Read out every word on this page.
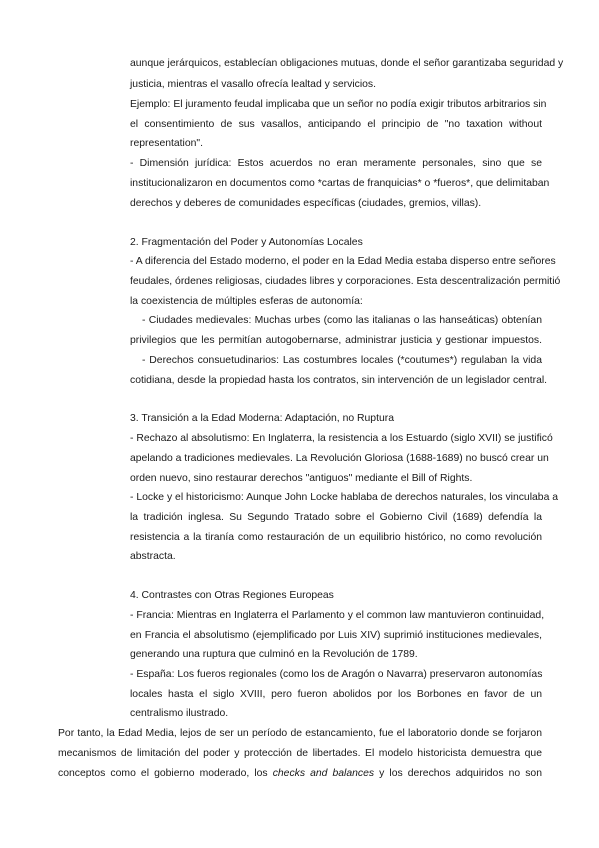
aunque jerárquicos, establecían obligaciones mutuas, donde el señor garantizaba seguridad y

justicia, mientras el vasallo ofrecía lealtad y servicios.

Ejemplo: El juramento feudal implicaba que un señor no podía exigir tributos arbitrarios sin

el consentimiento de sus vasallos, anticipando el principio de "no taxation without

representation".

- Dimensión jurídica: Estos acuerdos no eran meramente personales, sino que se

institucionalizaron en documentos como *cartas de franquicias* o *fueros*, que delimitaban

derechos y deberes de comunidades específicas (ciudades, gremios, villas).

2. Fragmentación del Poder y Autonomías Locales

- A diferencia del Estado moderno, el poder en la Edad Media estaba disperso entre señores

feudales, órdenes religiosas, ciudades libres y corporaciones. Esta descentralización permitió

la coexistencia de múltiples esferas de autonomía:

- Ciudades medievales: Muchas urbes (como las italianas o las hanseáticas) obtenían

privilegios que les permitían autogobernarse, administrar justicia y gestionar impuestos.

- Derechos consuetudinarios: Las costumbres locales (*coutumes*) regulaban la vida

cotidiana, desde la propiedad hasta los contratos, sin intervención de un legislador central.

3. Transición a la Edad Moderna: Adaptación, no Ruptura

- Rechazo al absolutismo: En Inglaterra, la resistencia a los Estuardo (siglo XVII) se justificó

apelando a tradiciones medievales. La Revolución Gloriosa (1688-1689) no buscó crear un

orden nuevo, sino restaurar derechos "antiguos" mediante el Bill of Rights.

- Locke y el historicismo: Aunque John Locke hablaba de derechos naturales, los vinculaba a

la tradición inglesa. Su Segundo Tratado sobre el Gobierno Civil (1689) defendía la

resistencia a la tiranía como restauración de un equilibrio histórico, no como revolución

abstracta.

4. Contrastes con Otras Regiones Europeas

- Francia: Mientras en Inglaterra el Parlamento y el common law mantuvieron continuidad,

en Francia el absolutismo (ejemplificado por Luis XIV) suprimió instituciones medievales,

generando una ruptura que culminó en la Revolución de 1789.

- España: Los fueros regionales (como los de Aragón o Navarra) preservaron autonomías

locales hasta el siglo XVIII, pero fueron abolidos por los Borbones en favor de un

centralismo ilustrado.

Por tanto, la Edad Media, lejos de ser un período de estancamiento, fue el laboratorio donde se forjaron

mecanismos de limitación del poder y protección de libertades. El modelo historicista demuestra que

conceptos como el gobierno moderado, los checks and balances y los derechos adquiridos no son
